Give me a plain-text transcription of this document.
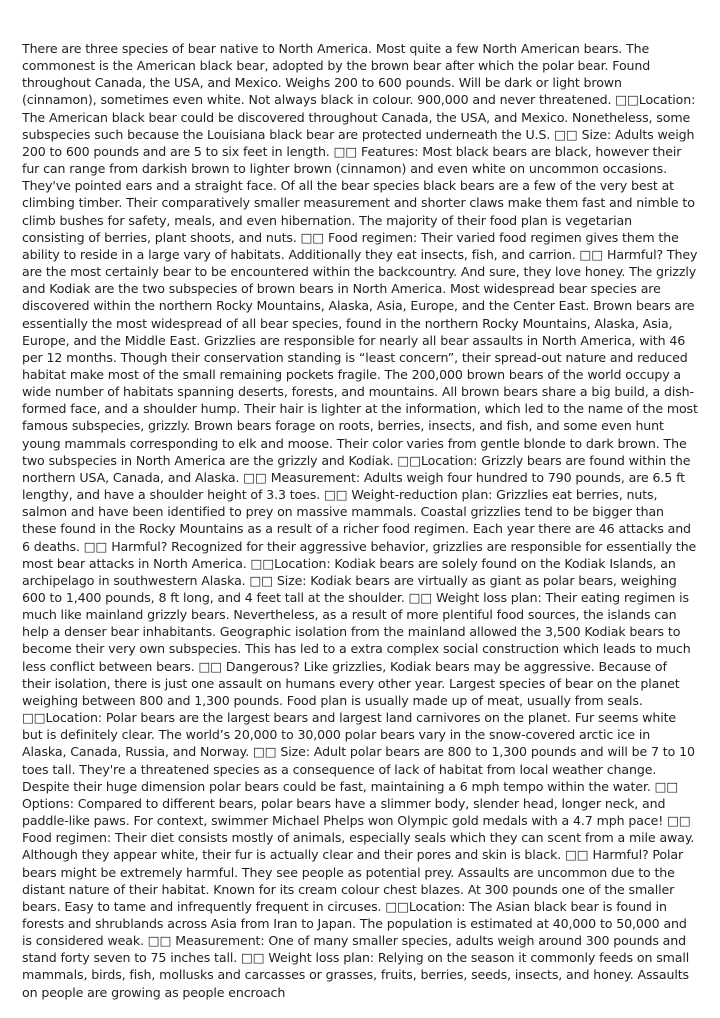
There are three species of bear native to North America. Most quite a few North American bears. The commonest is the American black bear, adopted by the brown bear after which the polar bear. Found throughout Canada, the USA, and Mexico. Weighs 200 to 600 pounds. Will be dark or light brown (cinnamon), sometimes even white. Not always black in colour. 900,000 and never threatened. □□Location: The American black bear could be discovered throughout Canada, the USA, and Mexico. Nonetheless, some subspecies such because the Louisiana black bear are protected underneath the U.S. □□ Size: Adults weigh 200 to 600 pounds and are 5 to six feet in length. □□ Features: Most black bears are black, however their fur can range from darkish brown to lighter brown (cinnamon) and even white on uncommon occasions. They've pointed ears and a straight face. Of all the bear species black bears are a few of the very best at climbing timber. Their comparatively smaller measurement and shorter claws make them fast and nimble to climb bushes for safety, meals, and even hibernation. The majority of their food plan is vegetarian consisting of berries, plant shoots, and nuts. □□ Food regimen: Their varied food regimen gives them the ability to reside in a large vary of habitats. Additionally they eat insects, fish, and carrion. □□ Harmful? They are the most certainly bear to be encountered within the backcountry. And sure, they love honey. The grizzly and Kodiak are the two subspecies of brown bears in North America. Most widespread bear species are discovered within the northern Rocky Mountains, Alaska, Asia, Europe, and the Center East. Brown bears are essentially the most widespread of all bear species, found in the northern Rocky Mountains, Alaska, Asia, Europe, and the Middle East. Grizzlies are responsible for nearly all bear assaults in North America, with 46 per 12 months. Though their conservation standing is “least concern”, their spread-out nature and reduced habitat make most of the small remaining pockets fragile. The 200,000 brown bears of the world occupy a wide number of habitats spanning deserts, forests, and mountains. All brown bears share a big build, a dish-formed face, and a shoulder hump. Their hair is lighter at the information, which led to the name of the most famous subspecies, grizzly. Brown bears forage on roots, berries, insects, and fish, and some even hunt young mammals corresponding to elk and moose. Their color varies from gentle blonde to dark brown. The two subspecies in North America are the grizzly and Kodiak. □□Location: Grizzly bears are found within the northern USA, Canada, and Alaska. □□ Measurement: Adults weigh four hundred to 790 pounds, are 6.5 ft lengthy, and have a shoulder height of 3.3 toes. □□ Weight-reduction plan: Grizzlies eat berries, nuts, salmon and have been identified to prey on massive mammals. Coastal grizzlies tend to be bigger than these found in the Rocky Mountains as a result of a richer food regimen. Each year there are 46 attacks and 6 deaths. □□ Harmful? Recognized for their aggressive behavior, grizzlies are responsible for essentially the most bear attacks in North America. □□Location: Kodiak bears are solely found on the Kodiak Islands, an archipelago in southwestern Alaska. □□ Size: Kodiak bears are virtually as giant as polar bears, weighing 600 to 1,400 pounds, 8 ft long, and 4 feet tall at the shoulder. □□ Weight loss plan: Their eating regimen is much like mainland grizzly bears. Nevertheless, as a result of more plentiful food sources, the islands can help a denser bear inhabitants. Geographic isolation from the mainland allowed the 3,500 Kodiak bears to become their very own subspecies. This has led to a extra complex social construction which leads to much less conflict between bears. □□ Dangerous? Like grizzlies, Kodiak bears may be aggressive. Because of their isolation, there is just one assault on humans every other year. Largest species of bear on the planet weighing between 800 and 1,300 pounds. Food plan is usually made up of meat, usually from seals. □□Location: Polar bears are the largest bears and largest land carnivores on the planet. Fur seems white but is definitely clear. The world’s 20,000 to 30,000 polar bears vary in the snow-covered arctic ice in Alaska, Canada, Russia, and Norway. □□ Size: Adult polar bears are 800 to 1,300 pounds and will be 7 to 10 toes tall. They're a threatened species as a consequence of lack of habitat from local weather change. Despite their huge dimension polar bears could be fast, maintaining a 6 mph tempo within the water. □□ Options: Compared to different bears, polar bears have a slimmer body, slender head, longer neck, and paddle-like paws. For context, swimmer Michael Phelps won Olympic gold medals with a 4.7 mph pace! □□ Food regimen: Their diet consists mostly of animals, especially seals which they can scent from a mile away. Although they appear white, their fur is actually clear and their pores and skin is black. □□ Harmful? Polar bears might be extremely harmful. They see people as potential prey. Assaults are uncommon due to the distant nature of their habitat. Known for its cream colour chest blazes. At 300 pounds one of the smaller bears. Easy to tame and infrequently frequent in circuses. □□Location: The Asian black bear is found in forests and shrublands across Asia from Iran to Japan. The population is estimated at 40,000 to 50,000 and is considered weak. □□ Measurement: One of many smaller species, adults weigh around 300 pounds and stand forty seven to 75 inches tall. □□ Weight loss plan: Relying on the season it commonly feeds on small mammals, birds, fish, mollusks and carcasses or grasses, fruits, berries, seeds, insects, and honey. Assaults on people are growing as people encroach
